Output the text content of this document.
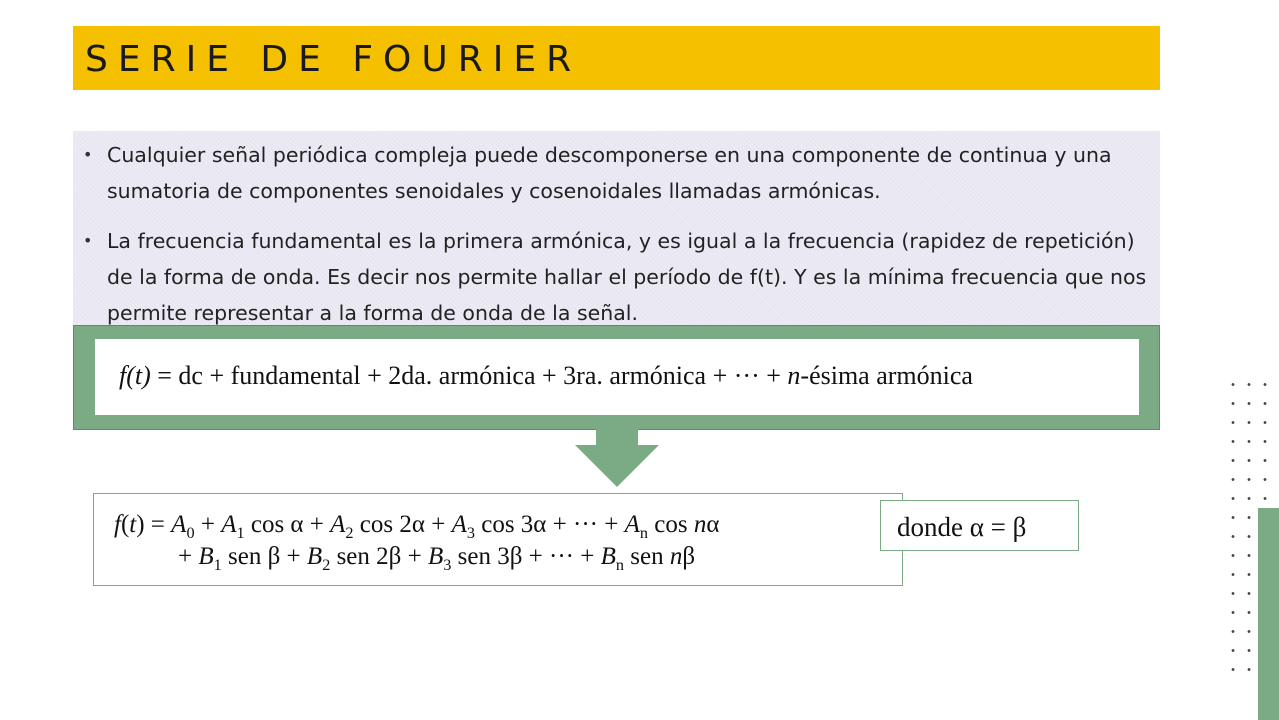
SERIE DE FOURIER
• Cualquier señal periódica compleja puede descomponerse en una componente de continua y una sumatoria de componentes senoidales y cosenoidales llamadas armónicas.
• La frecuencia fundamental es la primera armónica, y es igual a la frecuencia (rapidez de repetición) de la forma de onda. Es decir nos permite hallar el período de f(t). Y es la mínima frecuencia que nos permite representar a la forma de onda de la señal.
f(t) = dc + fundamental + 2da. armónica + 3ra. armónica + ··· + n-ésima armónica
$f(t) = A_0 + A_1$ $\cos \alpha + A_2$ $\cos 2\alpha + A_3$ cos 3α + ··· + $A_n$ cos nα
+ $B_1$ sen $\beta + B_2$ sen $2\beta + B_3$ sen 3β + ··· + $B_n$ sen nβ
donde α = β
